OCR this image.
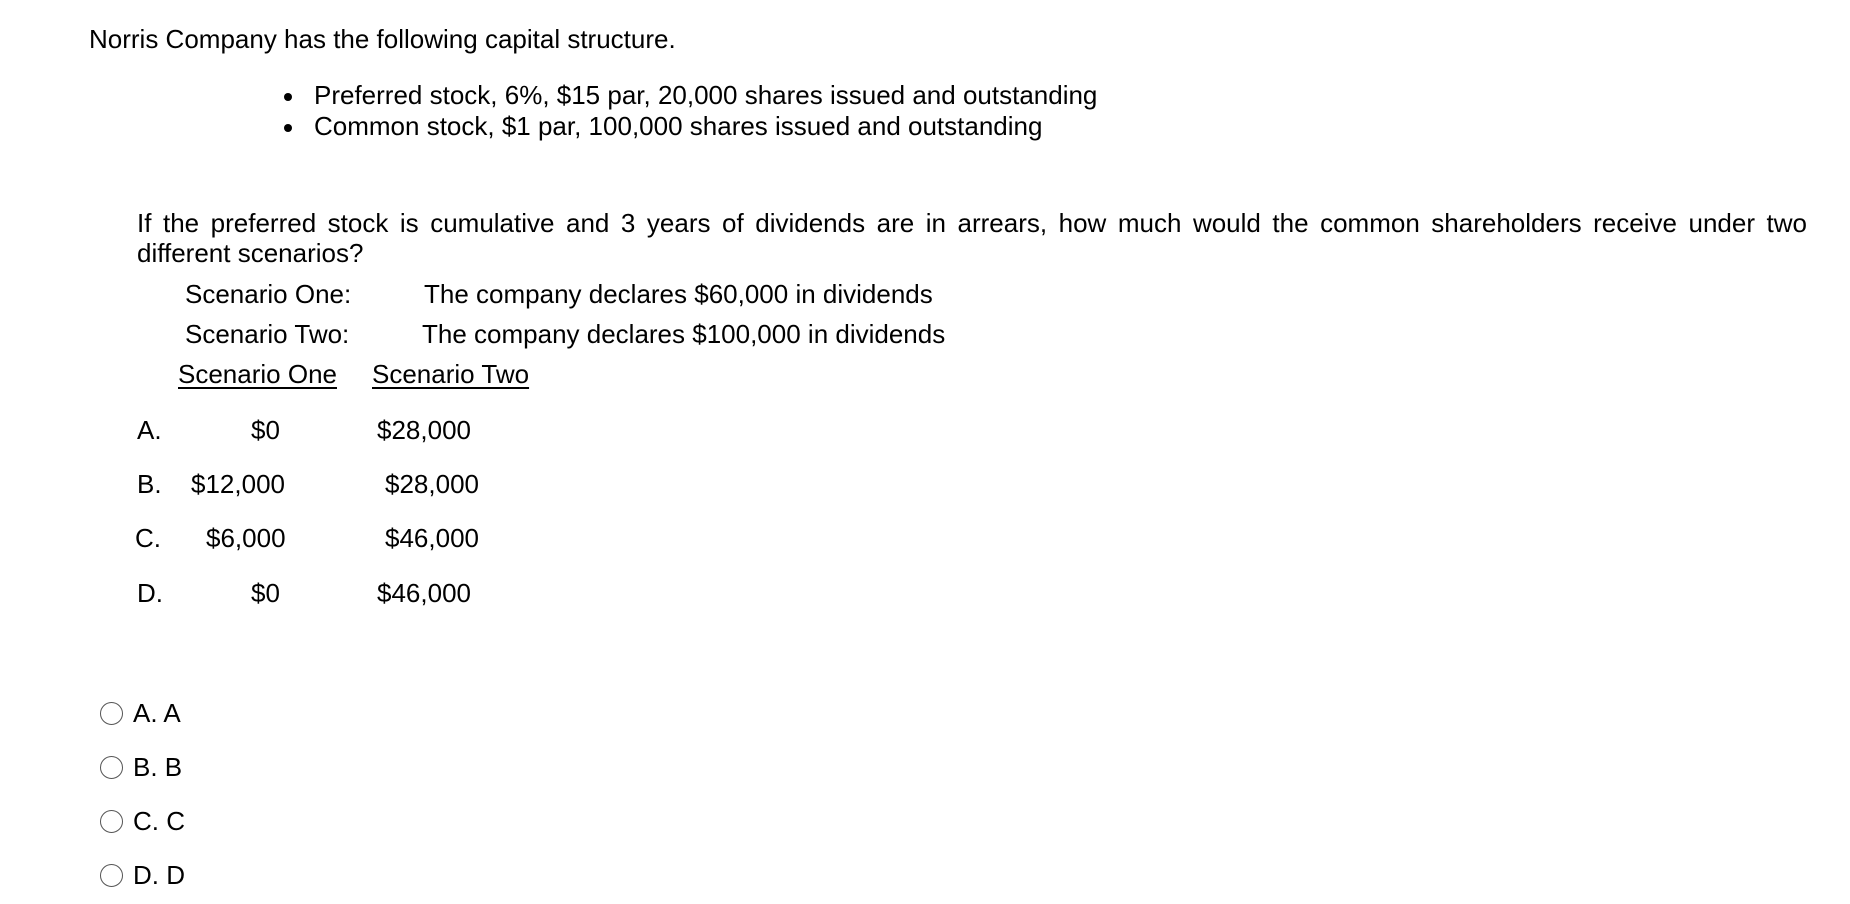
Norris Company has the following capital structure.
Preferred stock, 6%, $15 par, 20,000 shares issued and outstanding
Common stock, $1 par, 100,000 shares issued and outstanding
If the preferred stock is cumulative and 3 years of dividends are in arrears, how much would the common shareholders receive under two different scenarios?
Scenario One:	The company declares $60,000 in dividends
Scenario Two:	The company declares $100,000 in dividends
Scenario One Scenario Two
A.	$0	$28,000
B. $12,000	$28,000
C. $6,000	$46,000
D.	$0	$46,000
A. A
B. B
C. C
D. D
